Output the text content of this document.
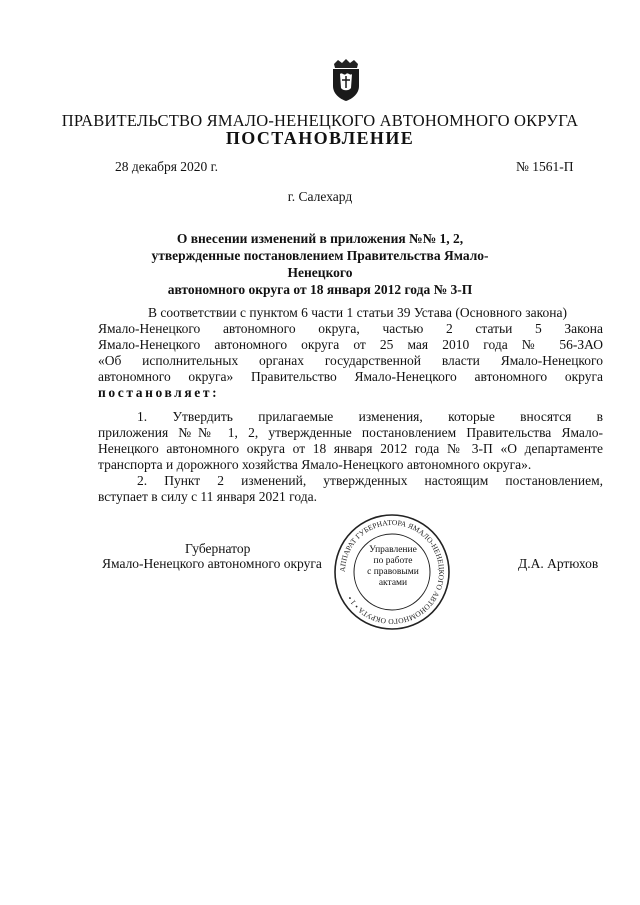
ПРАВИТЕЛЬСТВО ЯМАЛО-НЕНЕЦКОГО АВТОНОМНОГО ОКРУГА
ПОСТАНОВЛЕНИЕ
28 декабря 2020 г.	№ 1561-П
г. Салехард
О внесении изменений в приложения №№ 1, 2,
утвержденные постановлением Правительства Ямало-Ненецкого
автономного округа от 18 января 2012 года № 3-П
В соответствии с пунктом 6 части 1 статьи 39 Устава (Основного закона)
Ямало-Ненецкого автономного округа, частью 2 статьи 5 Закона
Ямало-Ненецкого автономного округа от 25 мая 2010 года № 56-ЗАО
«Об исполнительных органах государственной власти Ямало-Ненецкого
автономного округа» Правительство Ямало-Ненецкого автономного округа
постановляет:
1. Утвердить прилагаемые изменения, которые вносятся в
приложения №№ 1, 2, утвержденные постановлением Правительства Ямало-
Ненецкого автономного округа от 18 января 2012 года № 3-П «О департаменте
транспорта и дорожного хозяйства Ямало-Ненецкого автономного округа».
2. Пункт 2 изменений, утвержденных настоящим постановлением,
вступает в силу с 11 января 2021 года.
Губернатор
Ямало-Ненецкого автономного округа	Д.А. Артюхов
АППАРАТ ГУБЕРНАТОРА ЯМАЛО-НЕНЕЦКОГО АВТОНОМНОГО ОКРУГА • 1 •
Управление
по работе
с правовыми
актами
